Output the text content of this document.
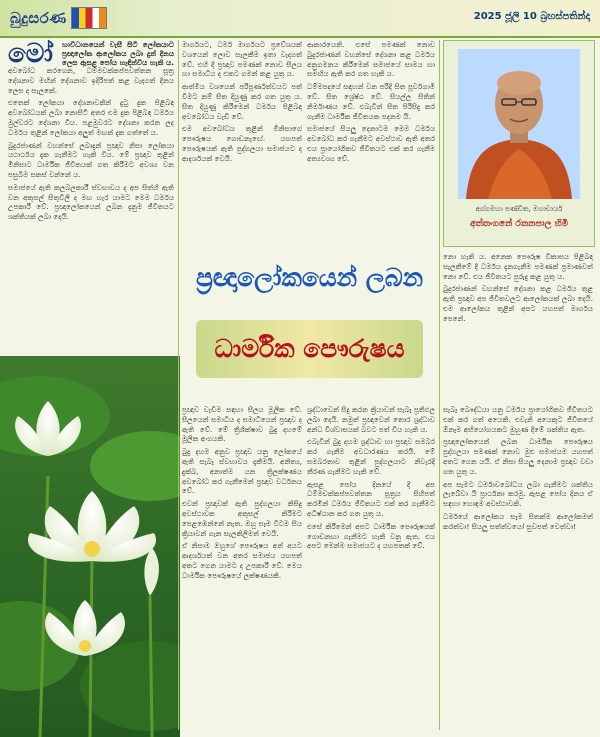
බුදුසරණ	2025 ජූලි 10 බ්‍රහස්පතින්දා
මෝ	හාවිධානයෙන් වැසී සිටි ලෝකයාට ප්‍රඥාලෝක ආලෝකය ලබා දුන් දිනය ලෙස ඇසළ පෝය හැඳින්විය හැකි ය.

අවබෝධ කරගෙන, ධම්මචක්කප්පවත්තන සූත්‍ර දේශනාව මඟින් දේශනාව ඉදිරිපත් කළ වැදගත් දිනය ලෙස ද සැලකේ.

එතෙක් ලෝකයා දේශනාවකින් දුටු දුක පිළිබඳ අවබෝධයක් ලබා නොසිටි අතර එම දුක පිළිබඳ ධර්මය මුල්වරට දේශනා විය. පළමුවරට දේශනා කරන ලද ධර්මය තුළින් ලෝකයා අලුත් මඟක් දැක ගත්තේ ය.

බුදුරජාණන් වහන්සේ ලබාදුන් ප්‍රඥාව නිසා ලෝකයා යථාර්ථය දැක ගැනීමට හැකි විය. මේ ප්‍රඥාව තුළින් මිනිසාට ධාර්මික ජීවිතයක් ගත කිරීමට අවශ්‍ය වන පසුබිම සකස් වන්නේ ය.

සමාජයේ ඇති කලබලකාරී ස්වභාවය ද අප සිත්හි ඇති වන අකුසල් සිතුවිලි ද මඟ හැර යාමට මෙම ධර්මය උපකාරී වේ. ප්‍රඥාලෝකයෙන් ලබන දැනුම ජීවිතයට ශක්තියක් ලබා දෙයි.

මාර්ගයට, ධර්ම මාර්ගයට ප්‍රවේශයක් වශයෙන් ලොව සැලකීම ඉතා වැදගත් වේ. එහි දී ප්‍රඥාව පමණක් නොව සීලය හා සමාධිය ද එකට ගමන් කළ යුතු ය.

ආත්මීය වශයෙන් පරිපූර්ණත්වයට පත් වීමට නම් සිත දියුණු කර ගත යුතු ය. සිත දියුණු කිරීමෙන් ධර්මය පිළිබඳ අවබෝධය වැඩි වේ.

එම අවබෝධය තුළින් මිනිසාගේ පෞරුෂය ගොඩනැඟේ. යහපත් පෞරුෂයක් ඇති පුද්ගලයා සමාජයට ද ආදර්ශයක් වෙයි.

ආකාරයෙනි. එසේ පමණක් නොව බුදුරජාණන් වහන්සේ දේශනා කළ ධර්මය අනුගමනය කිරීමෙන් සමාජයේ සාමය හා සමඟිය ඇති කර ගත හැකි ය.

ධම්මපදයේ සඳහන් වන පරිදි සිත පූර්වගාමී වේ. සිත ශ්‍රේෂ්ඨ වේ. සියල්ල සිතින් නිර්මාණය වේ. එබැවින් සිත පිරිසිදු කර ගැනීම ධාර්මික ජීවිතයක පදනම යි.

සමාජයේ සියලු දෙනාටම මෙම ධර්මය අවබෝධ කර ගැනීමට අවස්ථාව ඇති අතර එය ප්‍රායෝගිකව ජීවිතයට එක් කර ගැනීම අත්‍යවශ්‍ය වේ.

අග්ගමහා පණ්ඩිත, මහාචාර්ය
අත්තංගනේ රතනපාල හිමි

නො හැකි ය. අනෙක පෞරුෂ විකාසය පිළිබඳ සැලකීමේ දී ධර්මය දැනගැනීම පමණක් ප්‍රමාණවත් නො වේ. එය ජීවිතයට පුරුදු කළ යුතු ය.

බුදුරජාණන් වහන්සේ දේශනා කළ ධර්මය තුළ ඇති ප්‍රඥාව අප ජීවිතවලට ආලෝකයක් ලබා දෙයි. එම ආලෝකය තුළින් අපට යහපත් මාර්ගය පෙනේ.

ප්‍රඥාලෝකයෙන් ලබන
ධාර්මික පෞරුෂය

ප්‍රඥාව වැඩීම සඳහා සීලය මූලික වේ. සීලයෙන් සමාධිය ද සමාධියෙන් ප්‍රඥාව ද ඇති වේ. මේ ත්‍රිශික්ෂාව බුදු දහමේ මූලික අංගයකි.

බුදු දහම අනුව ප්‍රඥාව යනු ලෝකයේ ඇති සැබෑ ස්වභාවය දැකීමයි. අනිත්‍ය, දුක්ඛ, අනාත්ම යන ත්‍රිලක්ෂණය අවබෝධ කර ගැනීමෙන් ප්‍රඥාව වර්ධනය වේ.

එවන් ප්‍රඥාවක් ඇති පුද්ගලයා කිසිදු අවස්ථාවක අකුසල් කිරීමට පෙළඹෙන්නේ නැත. ඔහු සෑම විටම සිය ක්‍රියාවන් ගැන සැලකිලිමත් වෙයි.

ඒ නිසාම ඔහුගේ පෞරුෂය අන් අයට ආදර්ශයක් වන අතර සමාජය යහපත් අතට ගෙන යාමට ද උපකාරී වේ. මෙය ධාර්මික පෞරුෂයේ ලක්ෂණයකි.

ශ්‍රද්ධාවෙන් සිදු කරන ක්‍රියාවන් සැබෑ ප්‍රතිඵල ලබා දෙයි. නමුත් ප්‍රඥාවෙන් තොර ශ්‍රද්ධාව අන්ධ විශ්වාසයක් බවට පත් විය හැකි ය.

එබැවින් බුදු දහම ශ්‍රද්ධාව හා ප්‍රඥාව සමබර කර ගැනීම අවධාරණය කරයි. මේ සමබරතාව තුළින් පුද්ගලයාට නිවැරදි තීරණ ගැනීමට හැකි වේ.

ඇසළ පෝය දිනයේ දී අප ධම්මචක්කප්පවත්තන සූත්‍රය සිහිපත් කරමින් ධර්මය ජීවිතයට එක් කර ගැනීමට අධිෂ්ඨාන කර ගත යුතු ය.

එසේ කිරීමෙන් අපට ධාර්මික පෞරුෂයක් ගොඩනඟා ගැනීමට හැකි වනු ඇත. එය අපට මෙන්ම සමාජයට ද යහපතක් වේ.

සැබෑ බෞද්ධයා යනු ධර්මය ප්‍රායෝගිකව ජීවිතයට එක් කර ගත් අයෙකි. එවැනි අයෙකුට ජීවිතයේ ඕනෑම අභියෝගයකට මුහුණ දීමේ ශක්තිය ඇත.

ප්‍රඥාලෝකයෙන් ලබන ධාර්මික පෞරුෂය පුද්ගලයා පමණක් නොව මුළු සමාජයම යහපත් අතට ගෙන යයි. ඒ නිසා සියලු දෙනාම ප්‍රඥාව වඩා ගත යුතු ය.

අප සැමට ධර්මාවබෝධය ලබා ගැනීමට ශක්තිය ලැබේවා යි ප්‍රාර්ථනා කරමු. ඇසළ පෝය දිනය ඒ සඳහා හොඳම අවස්ථාවකි.

ධර්මයේ ආලෝකය සෑම සිතක්ම ආලෝකමත් කරත්වා! සියලු සත්ත්වයෝ සුවපත් වෙත්වා!
